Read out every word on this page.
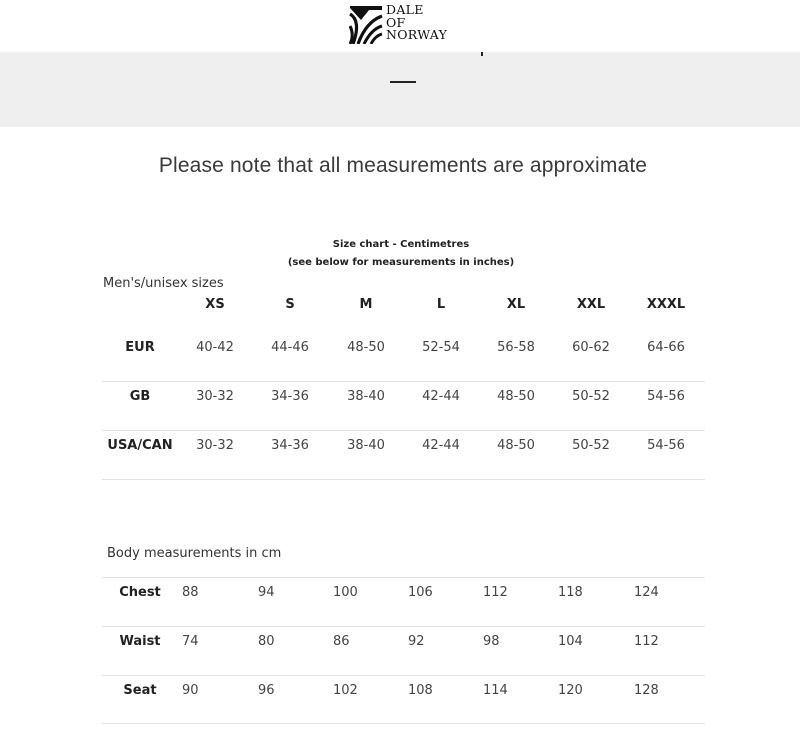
DALE
OF
NORWAY
Please note that all measurements are approximate
Size chart - Centimetres
(see below for measurements in inches)
Men's/unisex sizes
XS	S	M	L	XL	XXL	XXXL
EUR	40-42	44-46	48-50	52-54	56-58	60-62	64-66
GB	30-32	34-36	38-40	42-44	48-50	50-52	54-56
USA/CAN	30-32	34-36	38-40	42-44	48-50	50-52	54-56
Body measurements in cm
Chest	88	94	100	106	112	118	124
Waist	74	80	86	92	98	104	112
Seat	90	96	102	108	114	120	128
